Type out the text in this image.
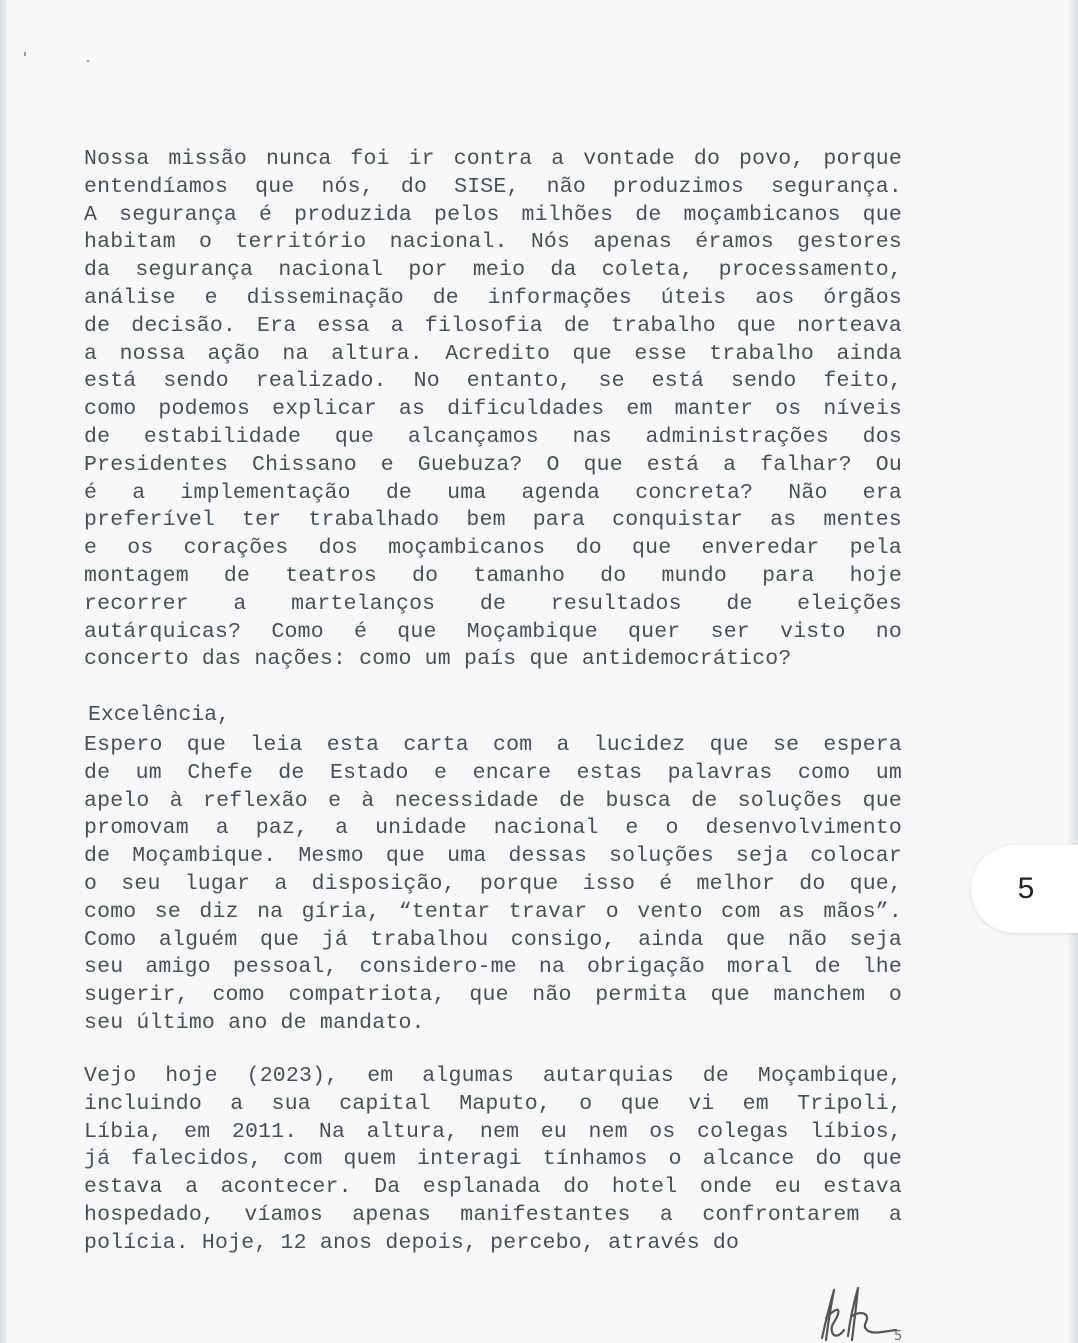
Nossa missão nunca foi ir contra a vontade do povo, porque
entendíamos que nós, do SISE, não produzimos segurança.
A segurança é produzida pelos milhões de moçambicanos que
habitam o território nacional. Nós apenas éramos gestores
da segurança nacional por meio da coleta, processamento,
análise e disseminação de informações úteis aos órgãos
de decisão. Era essa a filosofia de trabalho que norteava
a nossa ação na altura. Acredito que esse trabalho ainda
está sendo realizado. No entanto, se está sendo feito,
como podemos explicar as dificuldades em manter os níveis
de estabilidade que alcançamos nas administrações dos
Presidentes Chissano e Guebuza? O que está a falhar? Ou
é a implementação de uma agenda concreta? Não era
preferível ter trabalhado bem para conquistar as mentes
e os corações dos moçambicanos do que enveredar pela
montagem de teatros do tamanho do mundo para hoje
recorrer a martelanços de resultados de eleições
autárquicas? Como é que Moçambique quer ser visto no
concerto das nações: como um país que antidemocrático?
Excelência,
Espero que leia esta carta com a lucidez que se espera
de um Chefe de Estado e encare estas palavras como um
apelo à reflexão e à necessidade de busca de soluções que
promovam a paz, a unidade nacional e o desenvolvimento
de Moçambique. Mesmo que uma dessas soluções seja colocar
o seu lugar a disposição, porque isso é melhor do que,
como se diz na gíria, “tentar travar o vento com as mãos”.
Como alguém que já trabalhou consigo, ainda que não seja
seu amigo pessoal, considero-me na obrigação moral de lhe
sugerir, como compatriota, que não permita que manchem o
seu último ano de mandato.
Vejo hoje (2023), em algumas autarquias de Moçambique,
incluindo a sua capital Maputo, o que vi em Tripoli,
Líbia, em 2011. Na altura, nem eu nem os colegas líbios,
já falecidos, com quem interagi tínhamos o alcance do que
estava a acontecer. Da esplanada do hotel onde eu estava
hospedado, víamos apenas manifestantes a confrontarem a
polícia. Hoje, 12 anos depois, percebo, através do
5
5
